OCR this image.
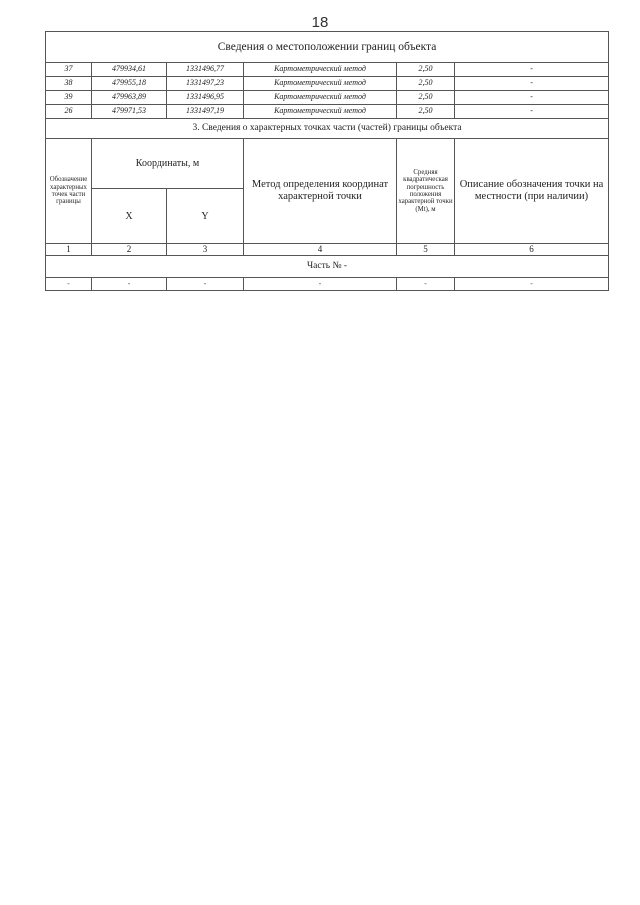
18
Сведения о местоположении границ объекта					
37	479934,61	1331496,77	Картометрический метод	2,50	-
38	479955,18	1331497,23	Картометрический метод	2,50	-
39	479963,89	1331496,95	Картометрический метод	2,50	-
26	479971,53	1331497,19	Картометрический метод	2,50	-
3. Сведения о характерных точках части (частей) границы объекта					
Обозначение характерных точек части границы	Координаты, м		Метод определения координат характерной точки	Средняя квадратическая погрешность положения характерной точки (Mt), м	Описание обозначения точки на местности (при наличии)
	X	Y			
1	2	3	4	5	6
Часть № -					
-	-	-	-	-	-
